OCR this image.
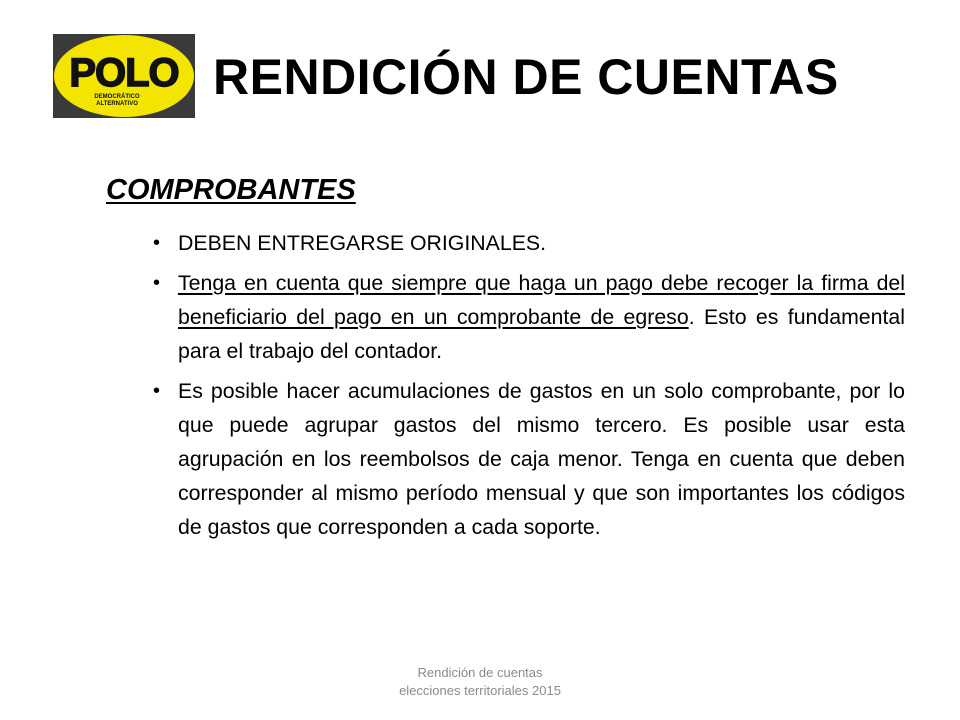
POLO
DEMOCRÁTICO
ALTERNATIVO RENDICIÓN DE CUENTAS
COMPROBANTES
• DEBEN ENTREGARSE ORIGINALES.
• Tenga en cuenta que siempre que haga un pago debe recoger la firma del beneficiario del pago en un comprobante de egreso. Esto es fundamental para el trabajo del contador.
• Es posible hacer acumulaciones de gastos en un solo comprobante, por lo que puede agrupar gastos del mismo tercero. Es posible usar esta agrupación en los reembolsos de caja menor. Tenga en cuenta que deben corresponder al mismo período mensual y que son importantes los códigos de gastos que corresponden a cada soporte.
Rendición de cuentas
elecciones territoriales 2015
